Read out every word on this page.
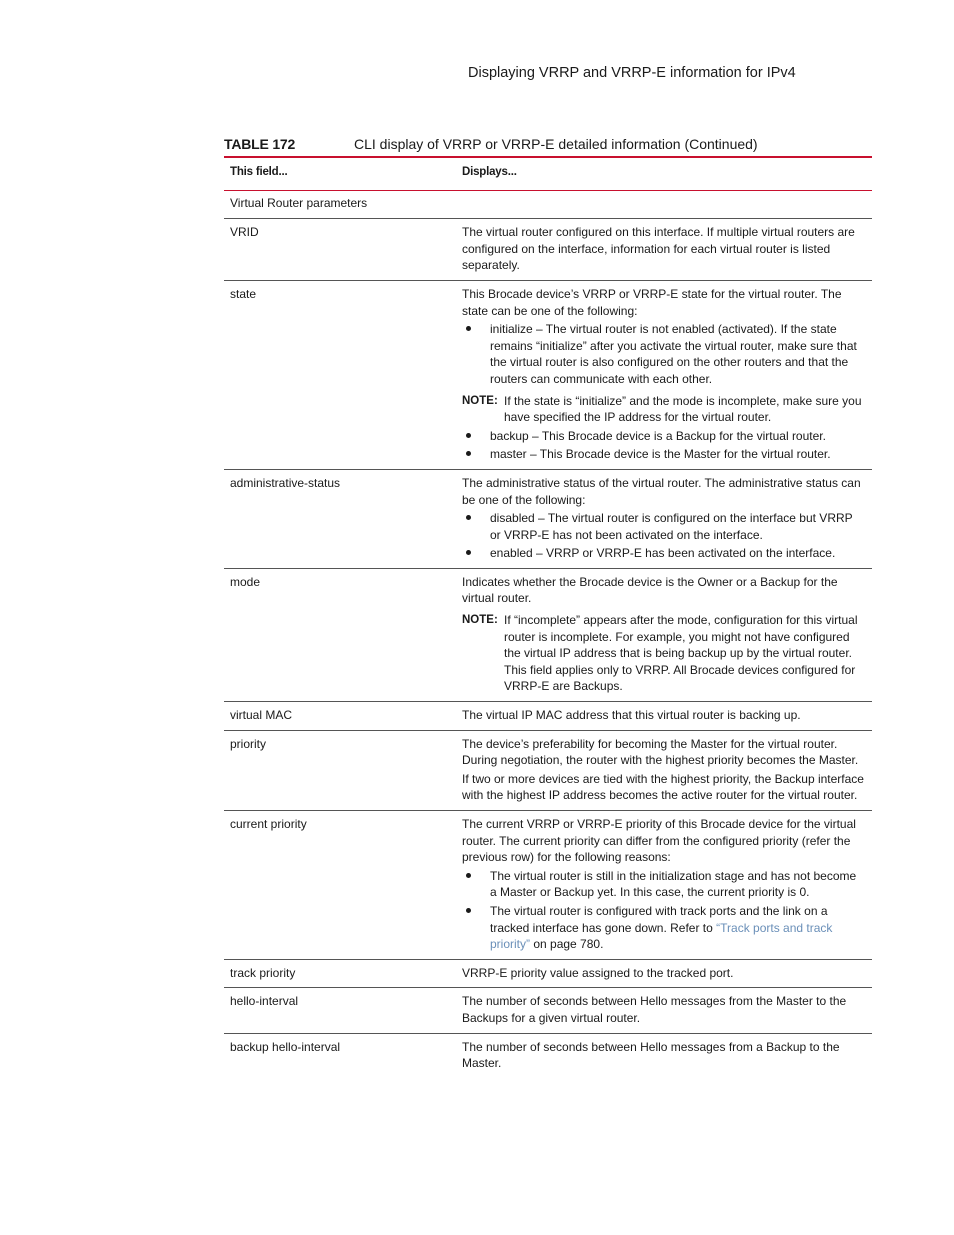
Displaying VRRP and VRRP-E information for IPv4
TABLE 172	CLI display of VRRP or VRRP-E detailed information (Continued)
This field...	Displays...
Virtual Router parameters
VRID	The virtual router configured on this interface. If multiple virtual routers are configured on the interface, information for each virtual router is listed separately.

state	This Brocade device’s VRRP or VRRP-E state for the virtual router. The state can be one of the following:

initialize – The virtual router is not enabled (activated). If the state remains “initialize” after you activate the virtual router, make sure that the virtual router is also configured on the other routers and that the routers can communicate with each other.
NOTE: If the state is “initialize” and the mode is incomplete, make sure you have specified the IP address for the virtual router.
backup – This Brocade device is a Backup for the virtual router.
master – This Brocade device is the Master for the virtual router.
administrative-status	The administrative status of the virtual router. The administrative status can be one of the following:

disabled – The virtual router is configured on the interface but VRRP or VRRP-E has not been activated on the interface.
enabled – VRRP or VRRP-E has been activated on the interface.
mode	Indicates whether the Brocade device is the Owner or a Backup for the virtual router.

NOTE: If “incomplete” appears after the mode, configuration for this virtual router is incomplete. For example, you might not have configured the virtual IP address that is being backup up by the virtual router.
This field applies only to VRRP. All Brocade devices configured for VRRP-E are Backups.
virtual MAC	The virtual IP MAC address that this virtual router is backing up.

priority	The device’s preferability for becoming the Master for the virtual router. During negotiation, the router with the highest priority becomes the Master.

If two or more devices are tied with the highest priority, the Backup interface with the highest IP address becomes the active router for the virtual router.

current priority	The current VRRP or VRRP-E priority of this Brocade device for the virtual router. The current priority can differ from the configured priority (refer the previous row) for the following reasons:

The virtual router is still in the initialization stage and has not become a Master or Backup yet. In this case, the current priority is 0.
The virtual router is configured with track ports and the link on a tracked interface has gone down. Refer to “Track ports and track priority” on page 780.
track priority	VRRP-E priority value assigned to the tracked port.

hello-interval	The number of seconds between Hello messages from the Master to the Backups for a given virtual router.

backup hello-interval	The number of seconds between Hello messages from a Backup to the Master.
